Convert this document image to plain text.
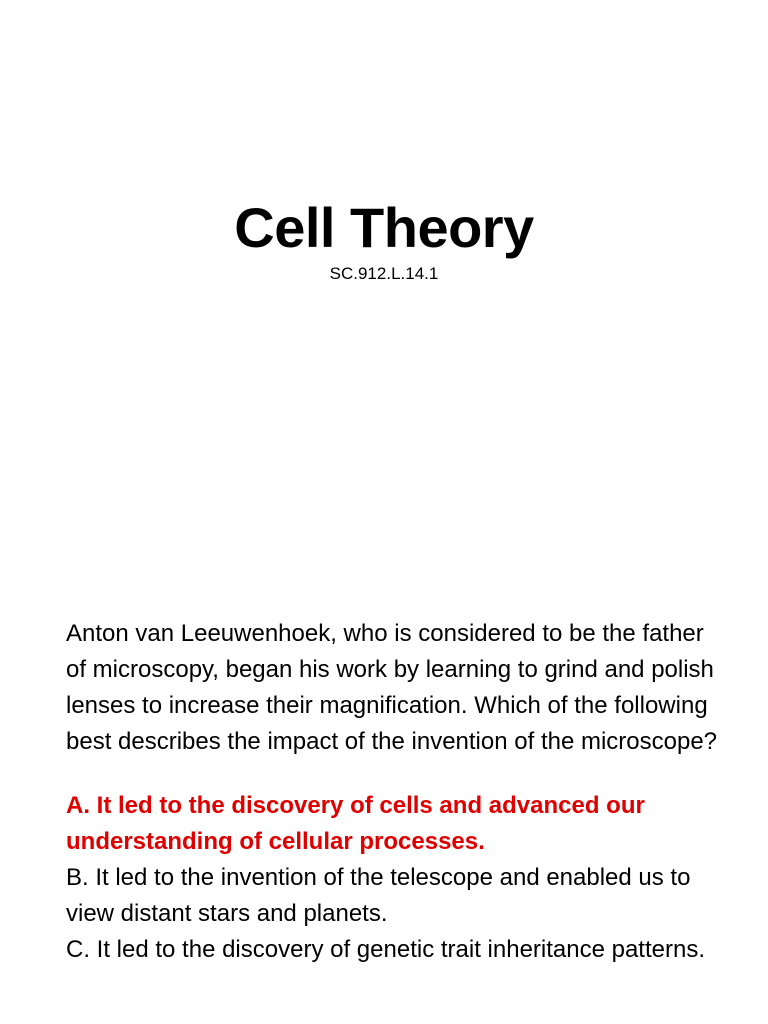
Cell Theory
SC.912.L.14.1

Anton van Leeuwenhoek, who is considered to be the father of microscopy, began his work by learning to grind and polish lenses to increase their magnification. Which of the following best describes the impact of the invention of the microscope?

A. It led to the discovery of cells and advanced our understanding of cellular processes.

B. It led to the invention of the telescope and enabled us to view distant stars and planets.

C. It led to the discovery of genetic trait inheritance patterns.
